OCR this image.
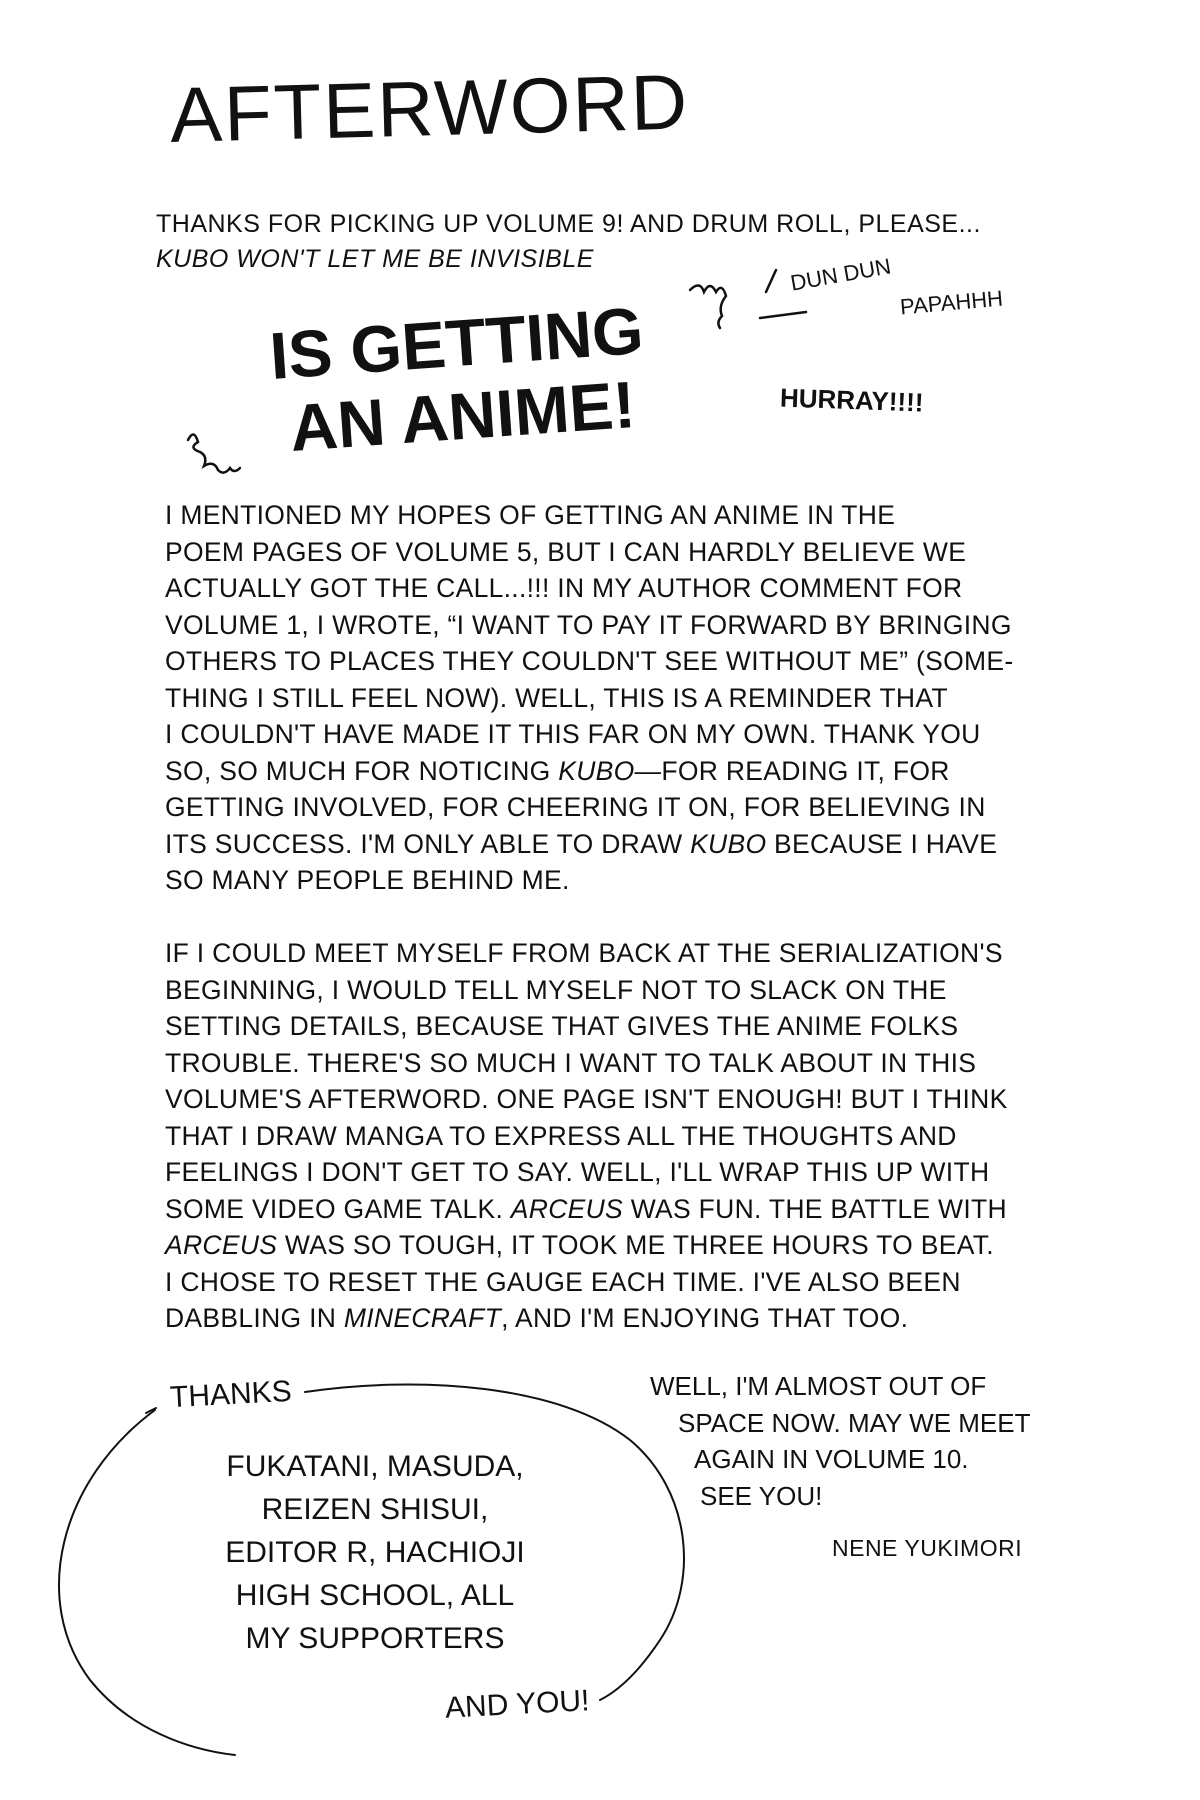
AFTERWORD
THANKS FOR PICKING UP VOLUME 9! AND DRUM ROLL, PLEASE...
KUBO WON'T LET ME BE INVISIBLE	DUN DUN
PAPAHHH
IS GETTING
AN ANIME!	HURRAY!!!!
I MENTIONED MY HOPES OF GETTING AN ANIME IN THE
POEM PAGES OF VOLUME 5, BUT I CAN HARDLY BELIEVE WE
ACTUALLY GOT THE CALL...!!! IN MY AUTHOR COMMENT FOR
VOLUME 1, I WROTE, “I WANT TO PAY IT FORWARD BY BRINGING
OTHERS TO PLACES THEY COULDN'T SEE WITHOUT ME” (SOME-
THING I STILL FEEL NOW). WELL, THIS IS A REMINDER THAT
I COULDN'T HAVE MADE IT THIS FAR ON MY OWN. THANK YOU
SO, SO MUCH FOR NOTICING KUBO—FOR READING IT, FOR
GETTING INVOLVED, FOR CHEERING IT ON, FOR BELIEVING IN
ITS SUCCESS. I'M ONLY ABLE TO DRAW KUBO BECAUSE I HAVE
SO MANY PEOPLE BEHIND ME.
IF I COULD MEET MYSELF FROM BACK AT THE SERIALIZATION'S
BEGINNING, I WOULD TELL MYSELF NOT TO SLACK ON THE
SETTING DETAILS, BECAUSE THAT GIVES THE ANIME FOLKS
TROUBLE. THERE'S SO MUCH I WANT TO TALK ABOUT IN THIS
VOLUME'S AFTERWORD. ONE PAGE ISN'T ENOUGH! BUT I THINK
THAT I DRAW MANGA TO EXPRESS ALL THE THOUGHTS AND
FEELINGS I DON'T GET TO SAY. WELL, I'LL WRAP THIS UP WITH
SOME VIDEO GAME TALK. ARCEUS WAS FUN. THE BATTLE WITH
ARCEUS WAS SO TOUGH, IT TOOK ME THREE HOURS TO BEAT.
I CHOSE TO RESET THE GAUGE EACH TIME. I'VE ALSO BEEN
DABBLING IN MINECRAFT, AND I'M ENJOYING THAT TOO.
THANKS
FUKATANI, MASUDA,
REIZEN SHISUI,
EDITOR R, HACHIOJI
HIGH SCHOOL, ALL
MY SUPPORTERS
AND YOU!
WELL, I'M ALMOST OUT OF
SPACE NOW. MAY WE MEET
AGAIN IN VOLUME 10.
SEE YOU!
NENE YUKIMORI
